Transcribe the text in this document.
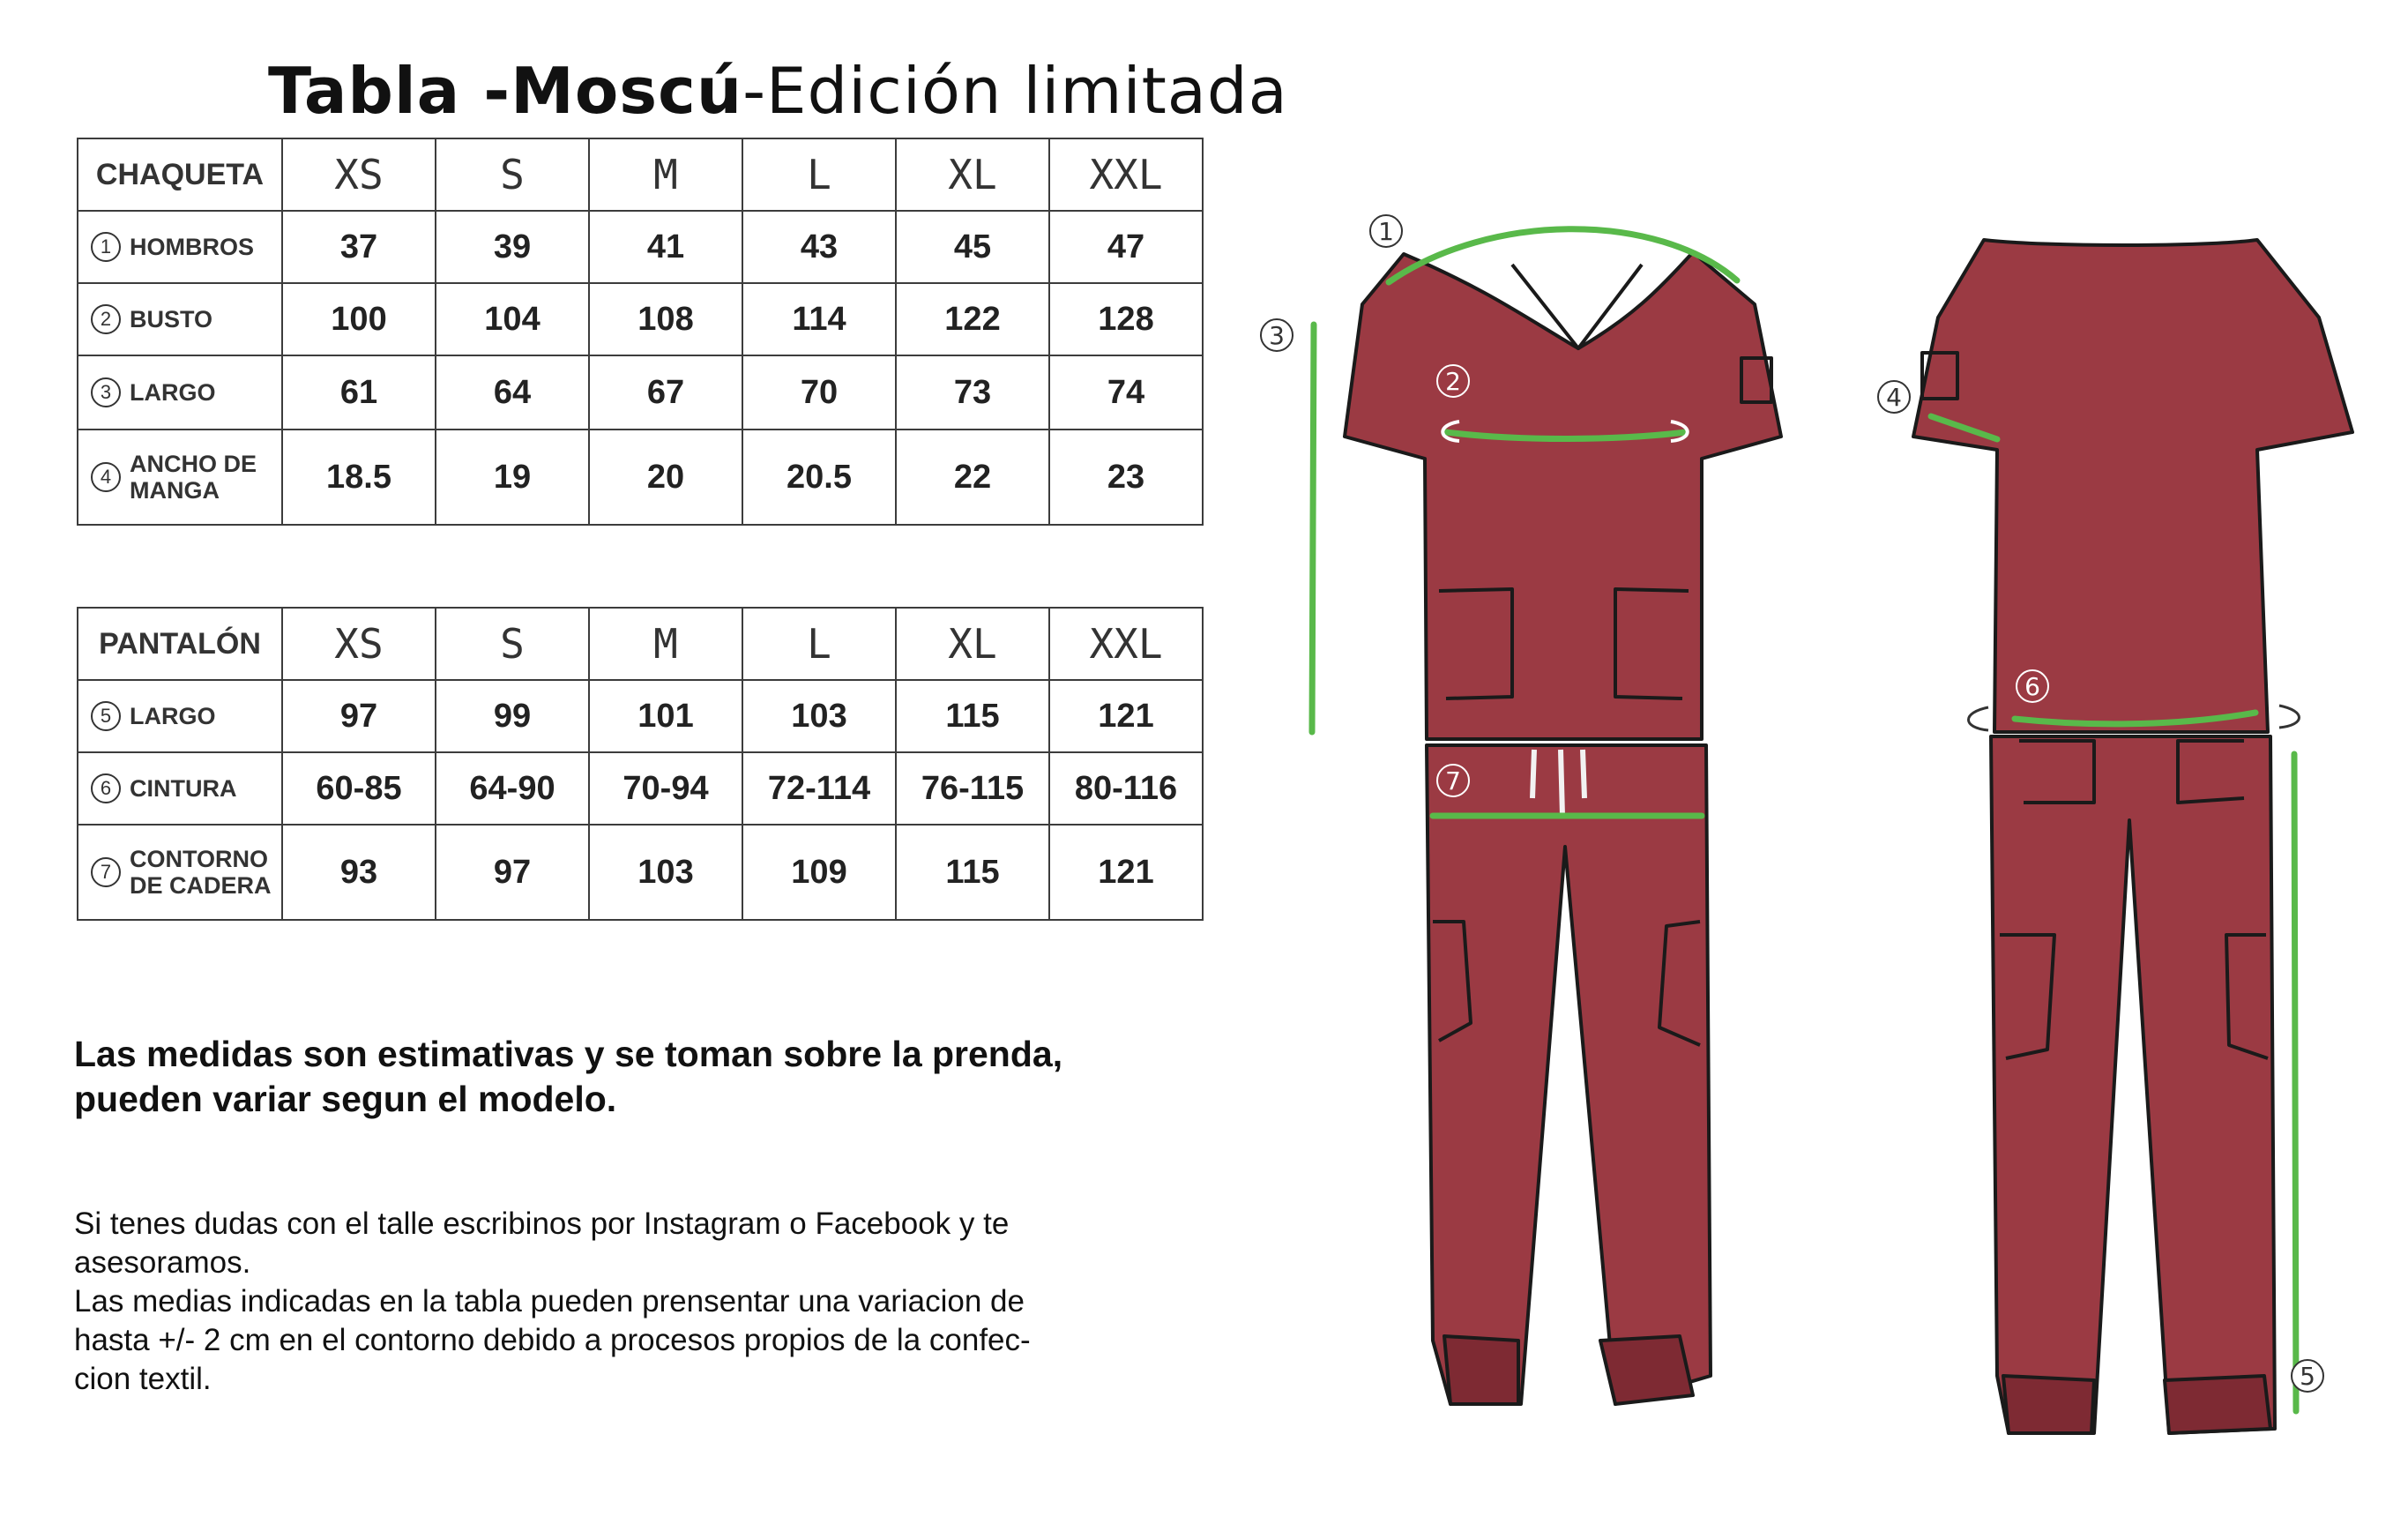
Tabla -Moscú-Edición limitada
CHAQUETA	XS	S	M	L	XL	XXL
1 HOMBROS	37	39	41	43	45	47
2 BUSTO	100	104	108	114	122	128
3 LARGO	61	64	67	70	73	74
4 ANCHO DE
MANGA	18.5	19	20	20.5	22	23
PANTALÓN	XS	S	M	L	XL	XXL
5 LARGO	97	99	101	103	115	121
6 CINTURA	60-85	64-90	70-94	72-114	76-115	80-116
7 CONTORNO
DE CADERA	93	97	103	109	115	121
Las medidas son estimativas y se toman sobre la prenda,
pueden variar segun el modelo.
Si tenes dudas con el talle escribinos por Instagram o Facebook y te
asesoramos.
Las medias indicadas en la tabla pueden prensentar una variacion de
hasta +/- 2 cm en el contorno debido a procesos propios de la confec-
cion textil.
1
2
3
4
5
6
7
